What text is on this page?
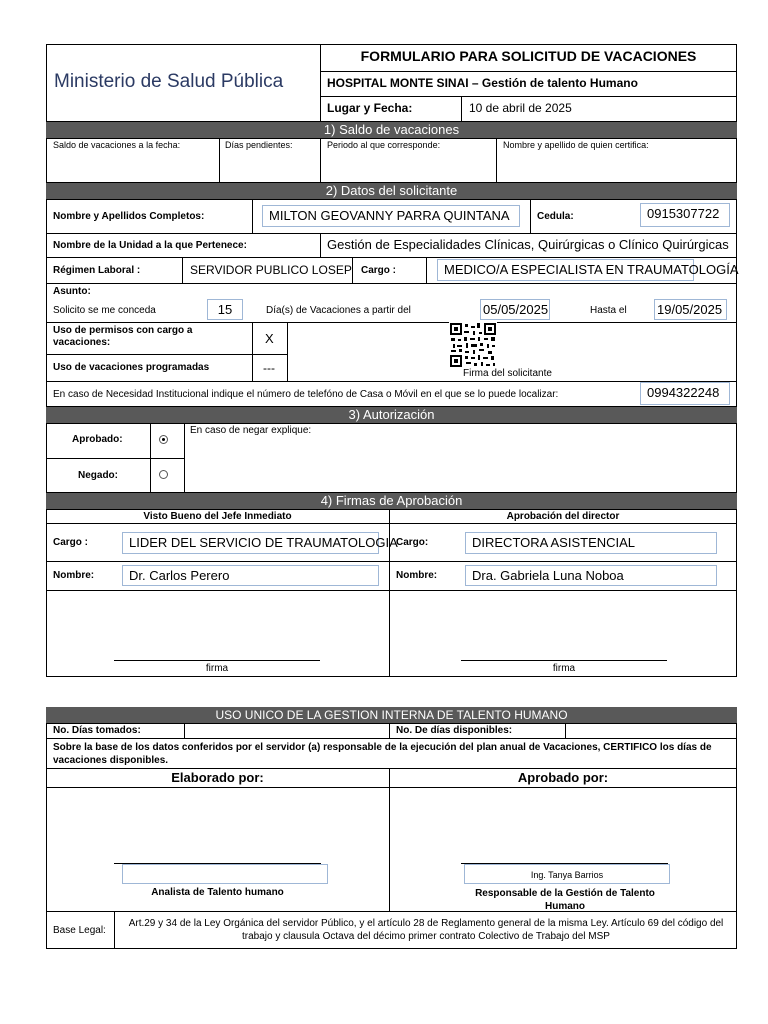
Ministerio de Salud Pública
FORMULARIO PARA SOLICITUD DE VACACIONES
HOSPITAL MONTE SINAI – Gestión de talento Humano
Lugar y Fecha:	10 de abril de 2025
1) Saldo de vacaciones
Saldo de vacaciones a la fecha:	Días pendientes:	Periodo al que corresponde:	Nombre y apellido de quien certifica:
2) Datos del solicitante
Nombre y Apellidos Completos:	MILTON GEOVANNY PARRA QUINTANA	Cedula:	0915307722
Nombre de la Unidad a la que Pertenece:	Gestión de Especialidades Clínicas, Quirúrgicas o Clínico Quirúrgicas
Régimen Laboral :	SERVIDOR PUBLICO LOSEP Cargo :	MEDICO/A ESPECIALISTA EN TRAUMATOLOGÍA
Asunto:
Solicito se me conceda	15	Día(s) de Vacaciones a partir del	05/05/2025	Hasta el 19/05/2025
Uso de permisos con cargo a vacaciones:	X
Uso de vacaciones programadas	---	Firma del solicitante
En caso de Necesidad Institucional indique el número de telefóno de Casa o Móvil en el que se lo puede localizar:	0994322248
3) Autorización
Aprobado:
Negado:
En caso de negar explique:
4) Firmas de Aprobación
Visto Bueno del Jefe Inmediato	Aprobación del director
Cargo :	LIDER DEL SERVICIO DE TRAUMATOLOGIA
Cargo:	DIRECTORA ASISTENCIAL
Nombre:	Dr. Carlos Perero	Nombre:	Dra. Gabriela Luna Noboa
firma	firma
USO UNICO DE LA GESTION INTERNA DE TALENTO HUMANO
No. Días tomados:	No. De días disponibles:
Sobre la base de los datos conferidos por el servidor (a) responsable de la ejecución del plan anual de Vacaciones, CERTIFICO los días de vacaciones disponibles.
Elaborado por:	Aprobado por:
Analista de Talento humano
Ing. Tanya Barrios
Responsable de la Gestión de Talento Humano
Base Legal:
Art.29 y 34 de la Ley Orgánica del servidor Público, y el artículo 28 de Reglamento general de la misma Ley. Artículo 69 del código del trabajo y clausula Octava del décimo primer contrato Colectivo de Trabajo del MSP
